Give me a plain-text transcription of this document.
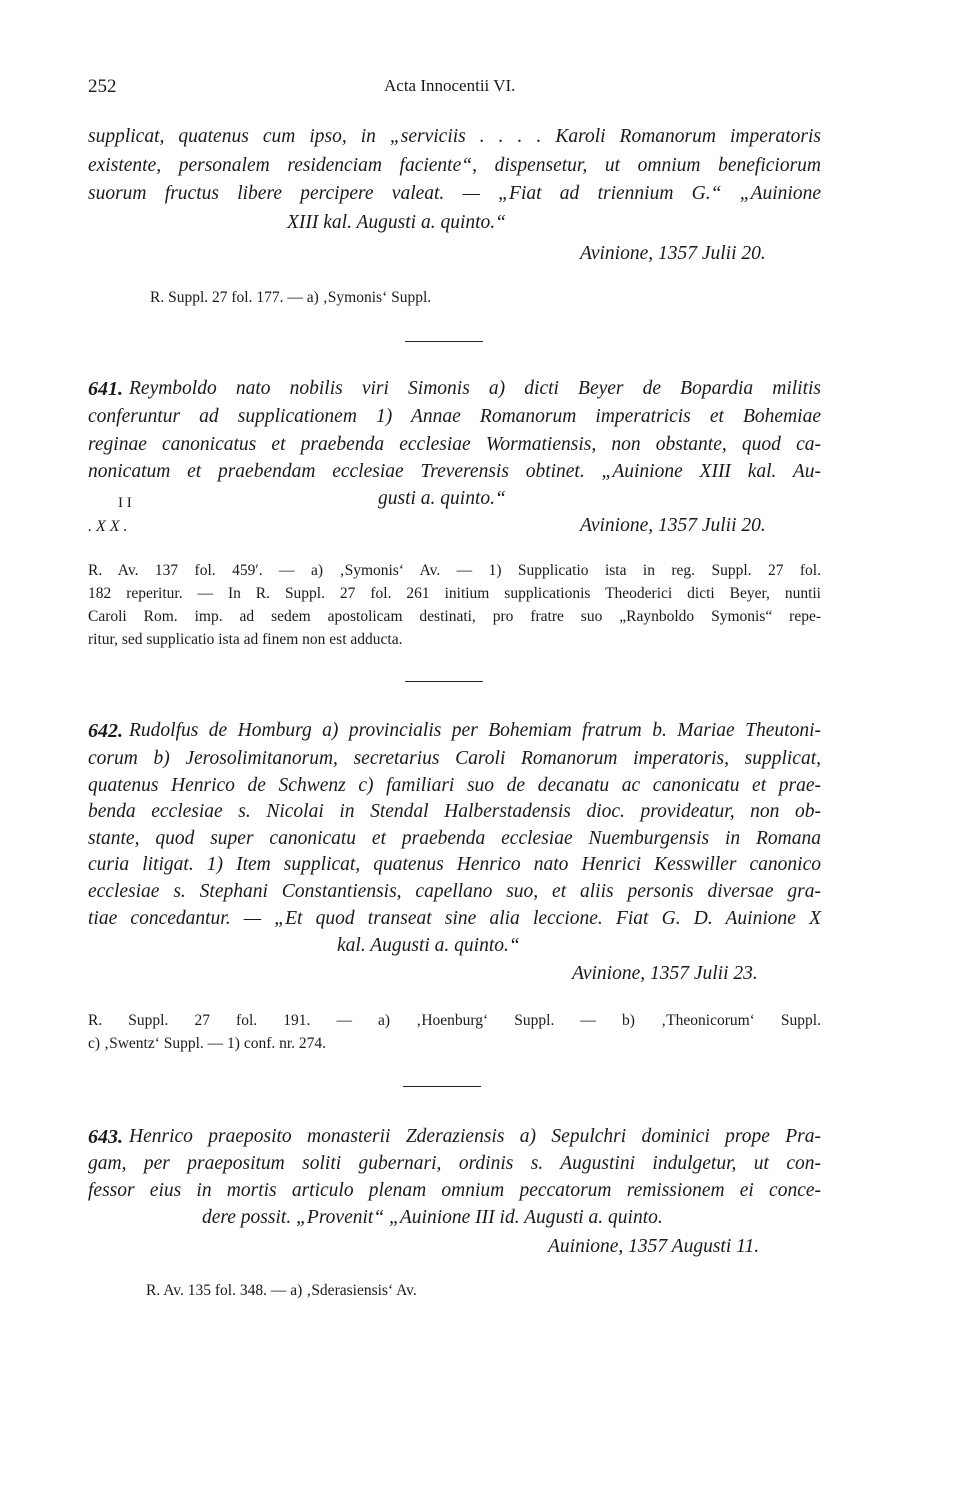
252	Acta Innocentii VI.
supplicat, quatenus cum ipso, in „serviciis . . . . Karoli Romanorum imperatoris
existente, personalem residenciam faciente“, dispensetur, ut omnium beneficiorum
suorum fructus libere percipere valeat. — „Fiat ad triennium G.“ „Auinione
XIII kal. Augusti a. quinto.“
Avinione, 1357 Julii 20.
R. Suppl. 27 fol. 177. — a) ‚Symonis‘ Suppl.
641. Reymboldo nato nobilis viri Simonis a) dicti Beyer de Bopardia militis
conferuntur ad supplicationem 1) Annae Romanorum imperatricis et Bohemiae
reginae canonicatus et praebenda ecclesiae Wormatiensis, non obstante, quod ca-
nonicatum et praebendam ecclesiae Treverensis obtinet. „Auinione XIII kal. Au-
gusti a. quinto.“
I I
. X X .	Avinione, 1357 Julii 20.
R. Av. 137 fol. 459′. — a) ‚Symonis‘ Av. — 1) Supplicatio ista in reg. Suppl. 27 fol.
182 reperitur. — In R. Suppl. 27 fol. 261 initium supplicationis Theoderici dicti Beyer, nuntii
Caroli Rom. imp. ad sedem apostolicam destinati, pro fratre suo „Raynboldo Symonis“ repe-
ritur, sed supplicatio ista ad finem non est adducta.
642. Rudolfus de Homburg a) provincialis per Bohemiam fratrum b. Mariae Theutoni-
corum b) Jerosolimitanorum, secretarius Caroli Romanorum imperatoris, supplicat,
quatenus Henrico de Schwenz c) familiari suo de decanatu ac canonicatu et prae-
benda ecclesiae s. Nicolai in Stendal Halberstadensis dioc. provideatur, non ob-
stante, quod super canonicatu et praebenda ecclesiae Nuemburgensis in Romana
curia litigat. 1) Item supplicat, quatenus Henrico nato Henrici Kesswiller canonico
ecclesiae s. Stephani Constantiensis, capellano suo, et aliis personis diversae gra-
tiae concedantur. — „Et quod transeat sine alia leccione. Fiat G. D. Auinione X
kal. Augusti a. quinto.“
Avinione, 1357 Julii 23.
R. Suppl. 27 fol. 191. — a) ‚Hoenburg‘ Suppl. — b) ‚Theonicorum‘ Suppl.
c) ‚Swentz‘ Suppl. — 1) conf. nr. 274.
643. Henrico praeposito monasterii Zderaziensis a) Sepulchri dominici prope Pra-
gam, per praepositum soliti gubernari, ordinis s. Augustini indulgetur, ut con-
fessor eius in mortis articulo plenam omnium peccatorum remissionem ei conce-
dere possit. „Provenit“ „Auinione III id. Augusti a. quinto.
Auinione, 1357 Augusti 11.
R. Av. 135 fol. 348. — a) ‚Sderasiensis‘ Av.
